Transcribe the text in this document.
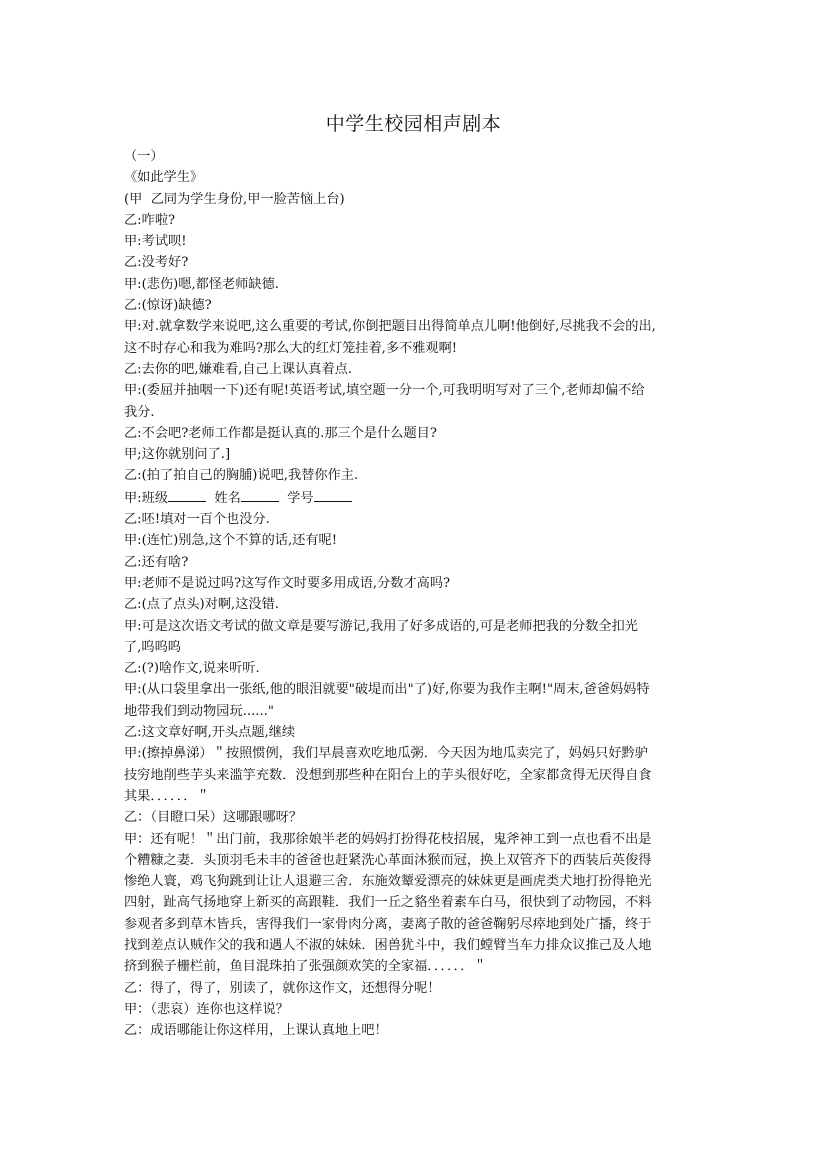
中学生校园相声剧本
（一）
《如此学生》
(甲  乙同为学生身份,甲一脸苦恼上台)
乙:咋啦?
甲:考试呗!
乙:没考好?
甲:(悲伤)嗯,都怪老师缺德.
乙:(惊讶)缺德?
甲:对.就拿数学来说吧,这么重要的考试,你倒把题目出得简单点儿啊!他倒好,尽挑我不会的出,
这不时存心和我为难吗?那么大的红灯笼挂着,多不雅观啊!
乙:去你的吧,嫌难看,自己上课认真着点.
甲:(委屈并抽咽一下)还有呢!英语考试,填空题一分一个,可我明明写对了三个,老师却偏不给
我分.
乙:不会吧?老师工作都是挺认真的.那三个是什么题目?
甲;这你就别问了.]
乙:(拍了拍自己的胸脯)说吧,我替你作主.
甲:班级	姓名	学号
乙:呸!填对一百个也没分.
甲:(连忙)别急,这个不算的话,还有呢!
乙:还有啥?
甲:老师不是说过吗?这写作文时要多用成语,分数才高吗?
乙:(点了点头)对啊,这没错.
甲:可是这次语文考试的做文章是要写游记,我用了好多成语的,可是老师把我的分数全扣光
了,呜呜呜
乙:(?)啥作文,说来听听.
甲:(从口袋里拿出一张纸,他的眼泪就要"破堤而出"了)好,你要为我作主啊!"周末,爸爸妈妈特
地带我们到动物园玩......"
乙:这文章好啊,开头点题,继续
甲:(擦掉鼻涕）＂按照惯例，我们早晨喜欢吃地瓜粥．今天因为地瓜卖完了，妈妈只好黔驴
技穷地削些芋头来滥竽充数．没想到那些种在阳台上的芋头很好吃，全家都贪得无厌得自食
其果．．．．．．＂
乙：（目瞪口呆）这哪跟哪呀？
甲：还有呢！＂出门前，我那徐娘半老的妈妈打扮得花枝招展，鬼斧神工到一点也看不出是
个糟糠之妻．头顶羽毛未丰的爸爸也赶紧洗心革面沐猴而冠，换上双管齐下的西装后英俊得
惨绝人寰，鸡飞狗跳到让让人退避三舍．东施效颦爱漂亮的妹妹更是画虎类犬地打扮得艳光
四射，趾高气扬地穿上新买的高跟鞋．我们一丘之貉坐着素车白马，很快到了动物园，不料
参观者多到草木皆兵，害得我们一家骨肉分离，妻离子散的爸爸鞠躬尽瘁地到处广播，终于
找到差点认贼作父的我和遇人不淑的妹妹．困兽犹斗中，我们螳臂当车力排众议推己及人地
挤到猴子栅栏前，鱼目混珠拍了张强颜欢笑的全家福．．．．．．＂
乙：得了，得了，别读了，就你这作文，还想得分呢！
甲：（悲哀）连你也这样说？
乙：成语哪能让你这样用，上课认真地上吧！
